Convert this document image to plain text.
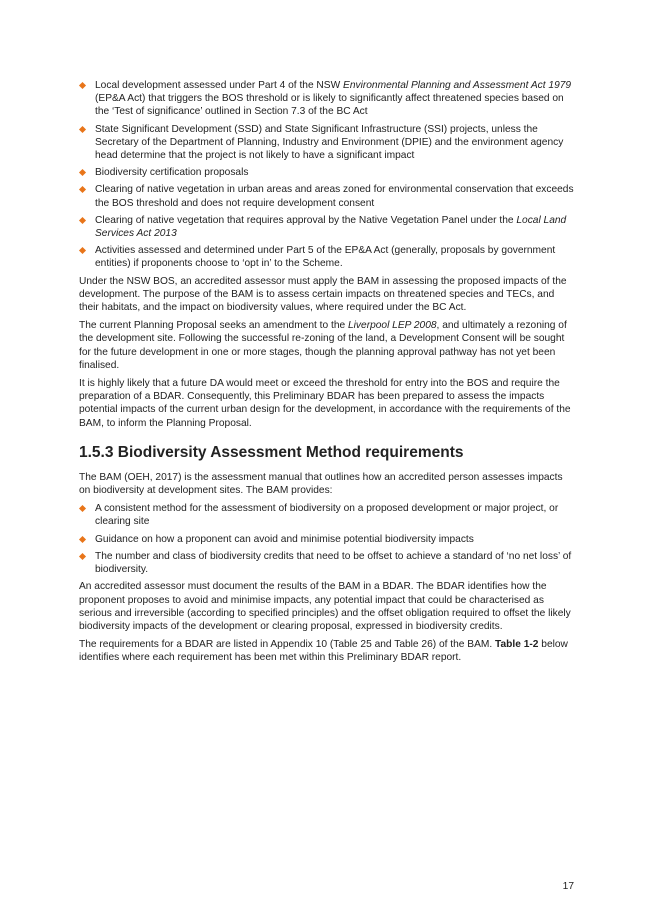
Local development assessed under Part 4 of the NSW Environmental Planning and Assessment Act 1979 (EP&A Act) that triggers the BOS threshold or is likely to significantly affect threatened species based on the ‘Test of significance’ outlined in Section 7.3 of the BC Act
State Significant Development (SSD) and State Significant Infrastructure (SSI) projects, unless the Secretary of the Department of Planning, Industry and Environment (DPIE) and the environment agency head determine that the project is not likely to have a significant impact
Biodiversity certification proposals
Clearing of native vegetation in urban areas and areas zoned for environmental conservation that exceeds the BOS threshold and does not require development consent
Clearing of native vegetation that requires approval by the Native Vegetation Panel under the Local Land Services Act 2013
Activities assessed and determined under Part 5 of the EP&A Act (generally, proposals by government entities) if proponents choose to ‘opt in’ to the Scheme.

Under the NSW BOS, an accredited assessor must apply the BAM in assessing the proposed impacts of the development. The purpose of the BAM is to assess certain impacts on threatened species and TECs, and their habitats, and the impact on biodiversity values, where required under the BC Act.

The current Planning Proposal seeks an amendment to the Liverpool LEP 2008, and ultimately a rezoning of the development site. Following the successful re-zoning of the land, a Development Consent will be sought for the future development in one or more stages, though the planning approval pathway has not yet been finalised.

It is highly likely that a future DA would meet or exceed the threshold for entry into the BOS and require the preparation of a BDAR. Consequently, this Preliminary BDAR has been prepared to assess the impacts potential impacts of the current urban design for the development, in accordance with the requirements of the BAM, to inform the Planning Proposal.

1.5.3 Biodiversity Assessment Method requirements

The BAM (OEH, 2017) is the assessment manual that outlines how an accredited person assesses impacts on biodiversity at development sites. The BAM provides:

A consistent method for the assessment of biodiversity on a proposed development or major project, or clearing site
Guidance on how a proponent can avoid and minimise potential biodiversity impacts
The number and class of biodiversity credits that need to be offset to achieve a standard of ‘no net loss’ of biodiversity.

An accredited assessor must document the results of the BAM in a BDAR. The BDAR identifies how the proponent proposes to avoid and minimise impacts, any potential impact that could be characterised as serious and irreversible (according to specified principles) and the offset obligation required to offset the likely biodiversity impacts of the development or clearing proposal, expressed in biodiversity credits.

The requirements for a BDAR are listed in Appendix 10 (Table 25 and Table 26) of the BAM. Table 1-2 below identifies where each requirement has been met within this Preliminary BDAR report.

17
